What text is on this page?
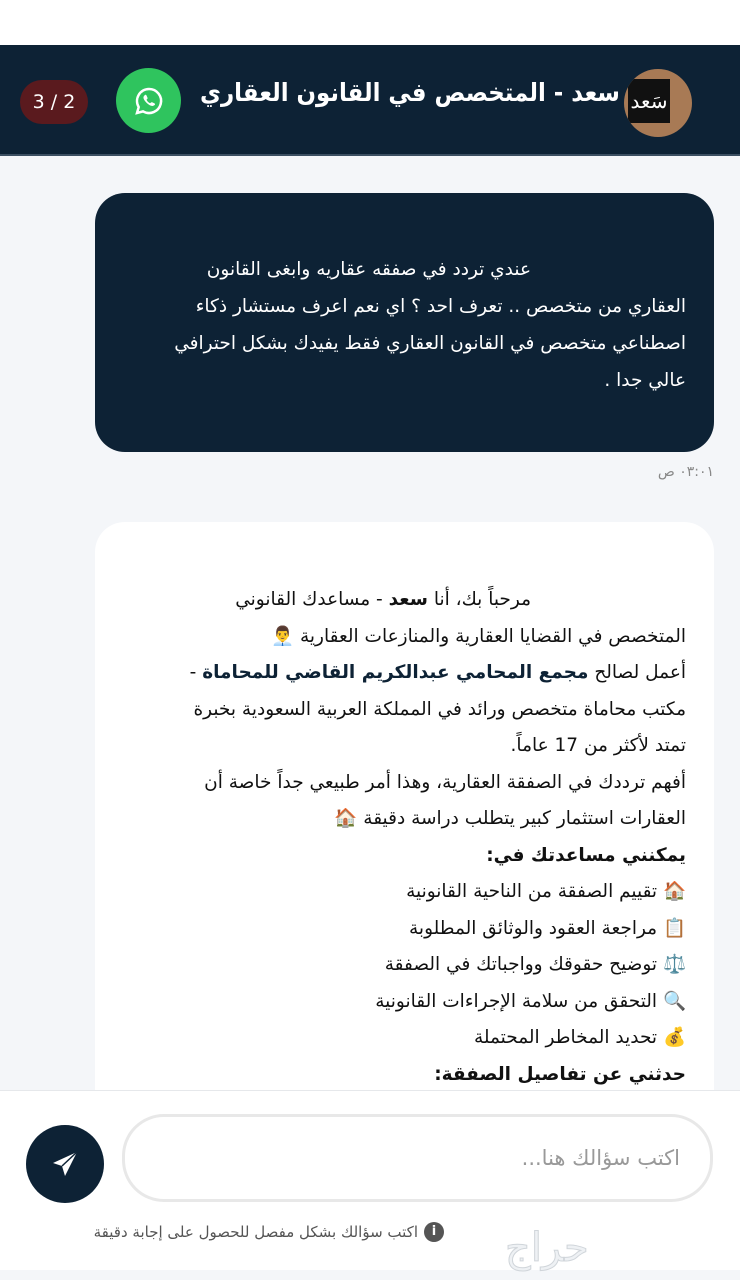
سَعد
سعد - المتخصص في القانون العقاري
3 / 2

عندي تردد في صفقه عقاريه وابغى القانون

العقاري من متخصص .. تعرف احد ؟ اي نعم اعرف مستشار ذكاء

اصطناعي متخصص في القانون العقاري فقط يفيدك بشكل احترافي

عالي جدا .

٠٣:٠١ ص

مرحباً بك، أنا سعد - مساعدك القانوني

المتخصص في القضايا العقارية والمنازعات العقارية 👨‍💼

أعمل لصالح مجمع المحامي عبدالكريم القاضي للمحاماة -

مكتب محاماة متخصص ورائد في المملكة العربية السعودية بخبرة

تمتد لأكثر من 17 عاماً.

أفهم ترددك في الصفقة العقارية، وهذا أمر طبيعي جداً خاصة أن

العقارات استثمار كبير يتطلب دراسة دقيقة 🏠

يمكنني مساعدتك في:

🏠 تقييم الصفقة من الناحية القانونية

📋 مراجعة العقود والوثائق المطلوبة

⚖️ توضيح حقوقك وواجباتك في الصفقة

🔍 التحقق من سلامة الإجراءات القانونية

💰 تحديد المخاطر المحتملة

حدثني عن تفاصيل الصفقة:

اكتب سؤالك هنا...
i
اكتب سؤالك بشكل مفصل للحصول على إجابة دقيقة حراج
